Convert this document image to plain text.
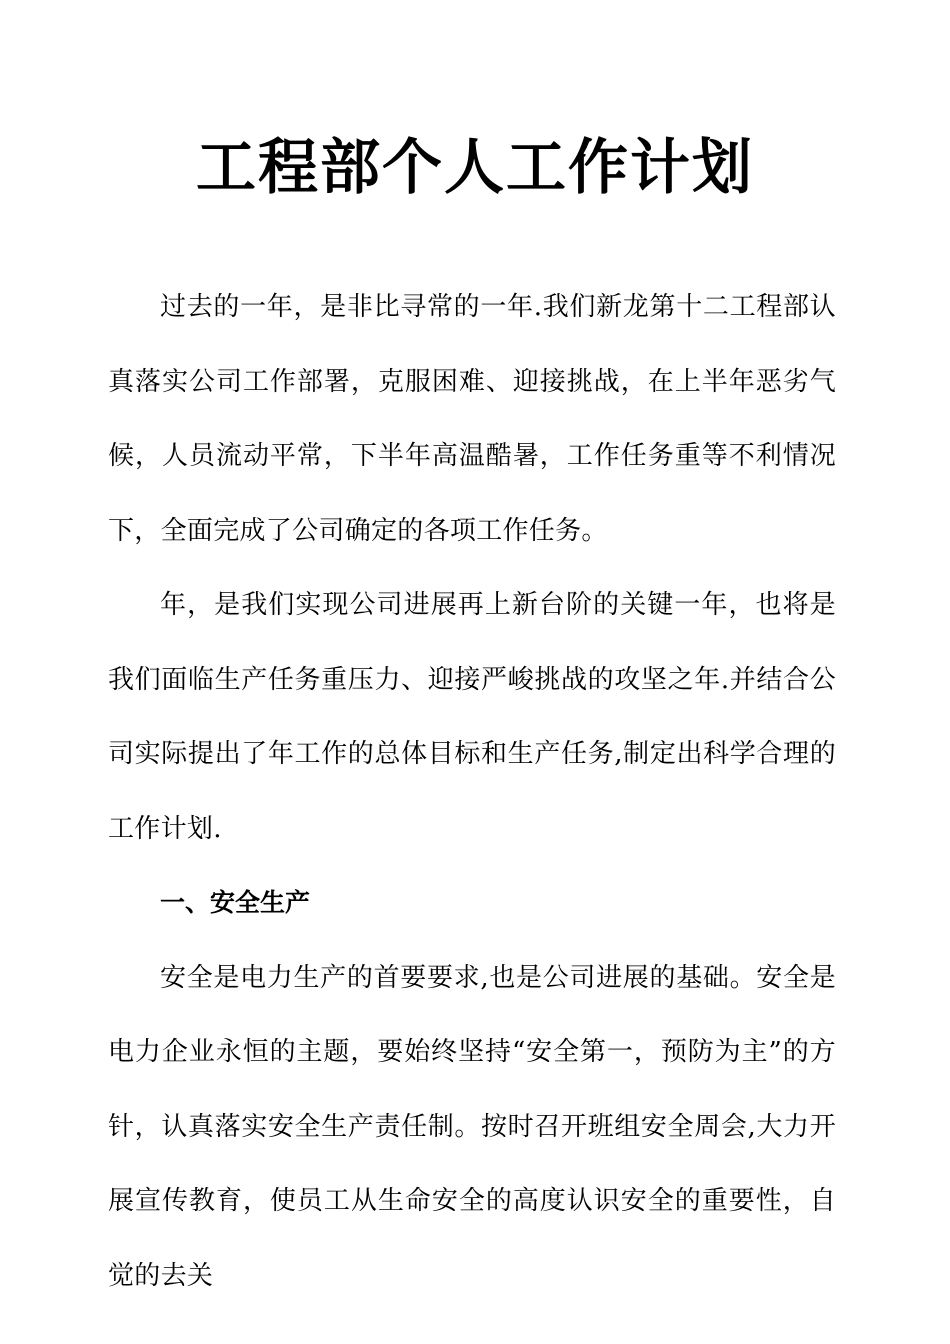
工程部个人工作计划

过去的一年，是非比寻常的一年.我们新龙第十二工程部认真落实公司工作部署，克服困难、迎接挑战，在上半年恶劣气候，人员流动平常，下半年高温酷暑，工作任务重等不利情况下，全面完成了公司确定的各项工作任务。

年，是我们实现公司进展再上新台阶的关键一年，也将是我们面临生产任务重压力、迎接严峻挑战的攻坚之年.并结合公司实际提出了年工作的总体目标和生产任务,制定出科学合理的工作计划.

一、安全生产

安全是电力生产的首要要求,也是公司进展的基础。安全是电力企业永恒的主题，要始终坚持“安全第一，预防为主”的方针，认真落实安全生产责任制。按时召开班组安全周会,大力开展宣传教育，使员工从生命安全的高度认识安全的重要性，自觉的去关
